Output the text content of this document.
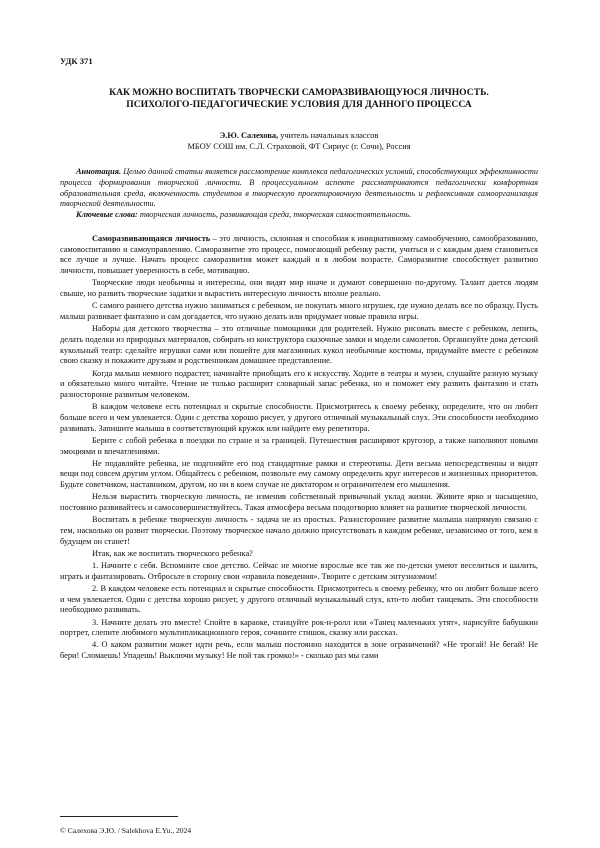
УДК 371

КАК МОЖНО ВОСПИТАТЬ ТВОРЧЕСКИ САМОРАЗВИВАЮЩУЮСЯ ЛИЧНОСТЬ.
ПСИХОЛОГО-ПЕДАГОГИЧЕСКИЕ УСЛОВИЯ ДЛЯ ДАННОГО ПРОЦЕССА

Э.Ю. Салехова, учитель начальных классов
МБОУ СОШ им. С.Л. Страховой, ФТ Сириус (г. Сочи), Россия

Аннотация. Целью данной статьи является рассмотрение комплекса педагогических условий, способствующих эффективности процесса формирования творческой личности. В процессуальном аспекте рассматриваются педагогически комфортная образовательная среда, включенность студентов в творческую проектировочную деятельность и рефлексивная самоорганизация творческой деятельности.

Ключевые слова: творческая личность, развивающая среда, творческая самостоятельность.

Саморазвивающаяся личность – это личность, склонная и способная к инициативному самообучению, самообразованию, самовоспитанию и самоуправлению. Саморазвитие это процесс, помогающий ребенку расти, учиться и с каждым днем становиться все лучше и лучше. Начать процесс саморазвития может каждый и в любом возрасте. Саморазвитие способствует развитию личности, повышает уверенность в себе, мотивацию.

Творческие люди необычны и интересны, они видят мир иначе и думают совершенно по-другому. Талант дается людям свыше, но развить творческие задатки и вырастить интересную личность вполне реально.

С самого раннего детства нужно заниматься с ребенком, не покупать много игрушек, где нужно делать все по образцу. Пусть малыш развивает фантазию и сам догадается, что нужно делать или придумает новые правила игры.

Наборы для детского творчества – это отличные помощники для родителей. Нужно рисовать вместе с ребенком, лепить, делать поделки из природных материалов, собирать из конструктора сказочные замки и модели самолетов. Организуйте дома детский кукольный театр: сделайте игрушки сами или пошейте для магазинных кукол необычные костюмы, придумайте вместе с ребенком свою сказку и покажите друзьям и родственникам домашнее представление.

Когда малыш немного подрастет, начинайте приобщать его к искусству. Ходите в театры и музеи, слушайте разную музыку и обязательно много читайте. Чтение не только расширит словарный запас ребенка, но и поможет ему развить фантазию и стать разносторонне развитым человеком.

В каждом человеке есть потенциал и скрытые способности. Присмотритесь к своему ребенку, определите, что он любит больше всего и чем увлекается. Один с детства хорошо рисует, у другого отличный музыкальный слух. Эти способности необходимо развивать. Запишите малыша в соответствующий кружок или найдите ему репетитора.

Берите с собой ребенка в поездки по стране и за границей. Путешествия расширяют кругозор, а также наполняют новыми эмоциями и впечатлениями.

Не подавляйте ребенка, не подгоняйте его под стандартные рамки и стереотипы. Дети весьма непосредственны и видят вещи под совсем другим углом. Общайтесь с ребенком, позвольте ему самому определить круг интересов и жизненных приоритетов. Будьте советчиком, наставником, другом, но ни в коем случае не диктатором и ограничителем его мышления.

Нельзя вырастить творческую личность, не изменив собственный привычный уклад жизни. Живите ярко и насыщенно, постоянно развивайтесь и самосовершенствуйтесь. Такая атмосфера весьма плодотворно влияет на развитие творческой личности.

Воспитать в ребенке творческую личность - задача не из простых. Разностороннее развитие малыша напрямую связано с тем, насколько он развит творчески. Поэтому творческое начало должно присутствовать в каждом ребенке, независимо от того, кем в будущем он станет!

Итак, как же воспитать творческого ребенка?

1. Начните с себя. Вспомните свое детство. Сейчас не многие взрослые все так же по-детски умеют веселиться и шалить, играть и фантазировать. Отбросьте в сторону свои «правила поведения». Творите с детским энтузиазмом!

2. В каждом человеке есть потенциал и скрытые способности. Присмотритесь к своему ребенку, что он любит больше всего и чем увлекается. Один с детства хорошо рисует, у другого отличный музыкальный слух, кто-то любит танцевать. Эти способности необходимо развивать.

3. Начните делать это вместе! Спойте в караоке, станцуйте рок-н-ролл или «Танец маленьких утят», нарисуйте бабушкин портрет, слепите любимого мультипликационного героя, сочините стишок, сказку или рассказ.

4. О каком развитии может идти речь, если малыш постоянно находится в зоне ограничений? «Не трогай! Не бегай! Не бери! Сломаешь! Упадешь! Выключи музыку! Не пой так громко!» - сколько раз мы сами

© Салехова Э.Ю. / Salekhova E.Yu., 2024
